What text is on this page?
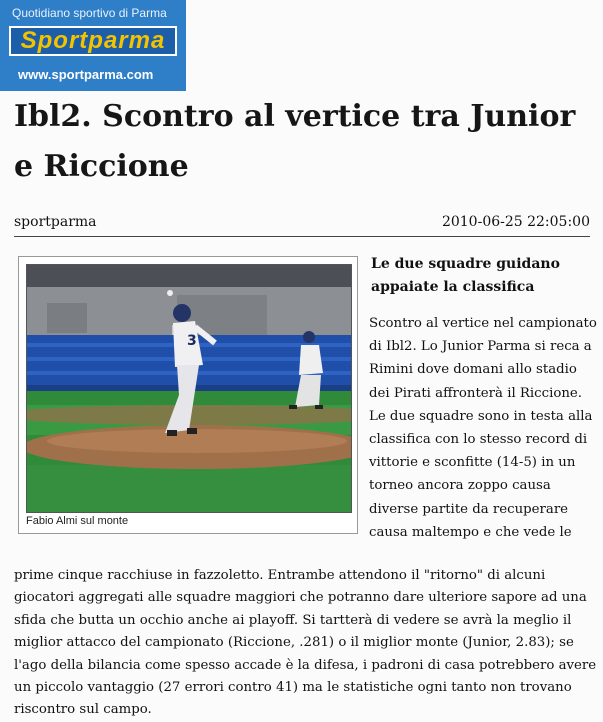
Quotidiano sportivo di Parma
Sportparma
www.sportparma.com
Ibl2. Scontro al vertice tra Junior e Riccione
sportparma	2010-06-25 22:05:00
3
Fabio Almi sul monte

Le due squadre guidano appaiate la classifica

Scontro al vertice nel campionato di Ibl2. Lo Junior Parma si reca a Rimini dove domani allo stadio dei Pirati affronterà il Riccione. Le due squadre sono in testa alla classifica con lo stesso record di vittorie e sconfitte (14-5) in un torneo ancora zoppo causa diverse partite da recuperare causa maltempo e che vede le

prime cinque racchiuse in fazzoletto. Entrambe attendono il "ritorno" di alcuni giocatori aggregati alle squadre maggiori che potranno dare ulteriore sapore ad una sfida che butta un occhio anche ai playoff. Si tartterà di vedere se avrà la meglio il miglior attacco del campionato (Riccione, .281) o il miglior monte (Junior, 2.83); se l'ago della bilancia come spesso accade è la difesa, i padroni di casa potrebbero avere un piccolo vantaggio (27 errori contro 41) ma le statistiche ogni tanto non trovano riscontro sul campo.
